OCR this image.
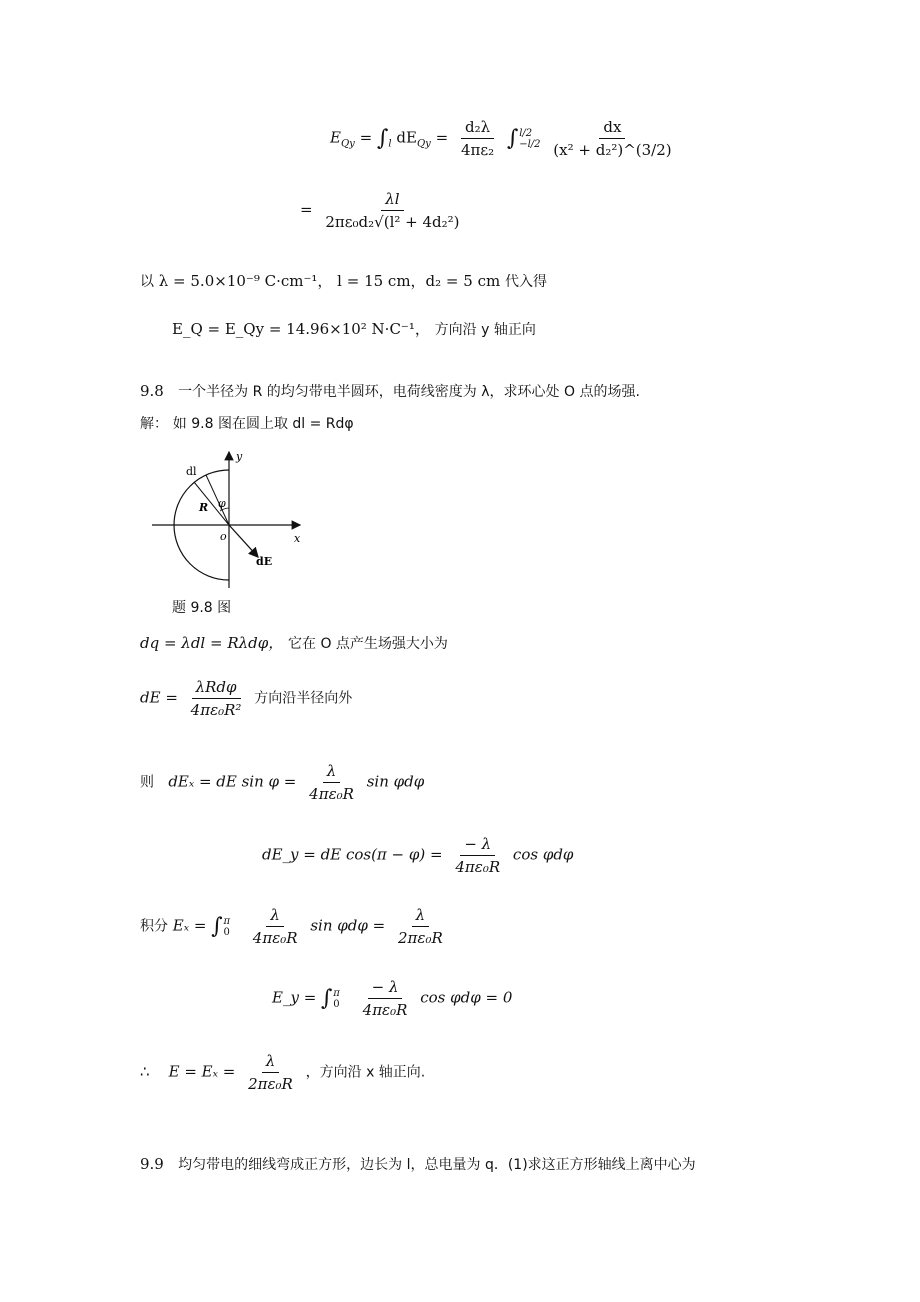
$E_{Qy} = \int_l$ $dE_{Qy} = \frac{\text{d₂λ}}{\text{4πε₂}}$ ∫ l/2
−l/2
$\frac{dx}{\text{(x² + d₂²)\textasciicircum{}(3/2)}}$
= $\frac{\lambda l}{\text{2πε₀d₂√(l² + 4d₂²)}}$
以 λ = 5.0×10⁻⁹ C·cm⁻¹， l = 15 cm，d₂ = 5 cm 代入得
E_Q = E_Qy = 14.96×10² N·C⁻¹， 方向沿 y 轴正向
9.8 一个半径为 R 的均匀带电半圆环，电荷线密度为 λ，求环心处 O 点的场强.
解： 如 9.8 图在圆上取 dl = Rdφ
y
x
dl
R φ
o
dE
题 9.8 图
dq = λdl = Rλdφ， 它在 O 点产生场强大小为
dE = $\frac{\text{λRdφ}}{\text{4πε₀R²}}$ 方向沿半径向外
则 dEₓ = dE $\sin \varphi = \frac{\lambda}{\text{4πε₀R}}$ sin φdφ
dE_y = dE $\cos(\pi - \varphi) = \frac{- \lambda}{\text{4πε₀R}}$ cos φdφ
积分 Eₓ = ∫ π
0
$\frac{\lambda}{\text{4πε₀R}}$ $\sin \varphi d\varphi = \frac{\lambda}{\text{2πε₀R}}$
E_y = ∫ π
0
$\frac{- \lambda}{\text{4πε₀R}}$ cos φdφ = 0
∴ $E = E_x = \frac{\lambda}{\text{2πε₀R}}$ ，方向沿 x 轴正向.
9.9 均匀带电的细线弯成正方形，边长为 l，总电量为 q．(1)求这正方形轴线上离中心为
